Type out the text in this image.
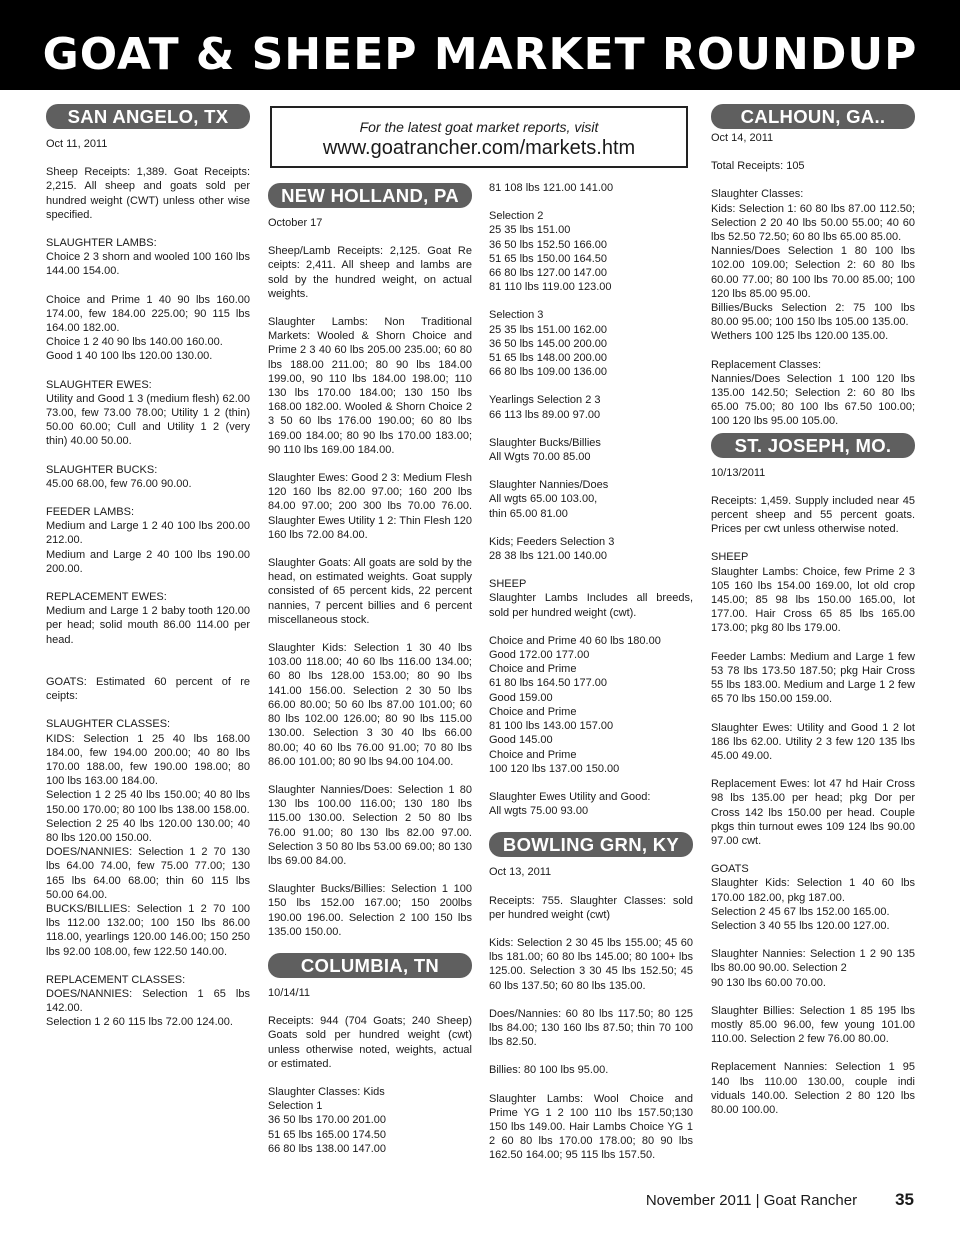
GOAT & SHEEP MARKET ROUNDUP
For the latest goat market reports, visit
www.goatrancher.com/markets.htm
SAN ANGELO, TX

Oct 11, 2011

Sheep Receipts: 1,389. Goat Receipts: 2,215. All sheep and goats sold per hundred weight (CWT) unless other wise specified.

SLAUGHTER LAMBS:
Choice 2 3 shorn and wooled 100 160 lbs 144.00 154.00.

Choice and Prime 1 40 90 lbs 160.00 174.00, few 184.00 225.00; 90 115 lbs 164.00 182.00.
Choice 1 2 40 90 lbs 140.00 160.00.
Good 1 40 100 lbs 120.00 130.00.

SLAUGHTER EWES:
Utility and Good 1 3 (medium flesh) 62.00 73.00, few 73.00 78.00; Utility 1 2 (thin) 50.00 60.00; Cull and Utility 1 2 (very thin) 40.00 50.00.

SLAUGHTER BUCKS:
45.00 68.00, few 76.00 90.00.

FEEDER LAMBS:
Medium and Large 1 2 40 100 lbs 200.00 212.00.
Medium and Large 2 40 100 lbs 190.00 200.00.

REPLACEMENT EWES:
Medium and Large 1 2 baby tooth 120.00 per head; solid mouth 86.00 114.00 per head.

GOATS: Estimated 60 percent of re ceipts:

SLAUGHTER CLASSES:
KIDS: Selection 1 25 40 lbs 168.00 184.00, few 194.00 200.00; 40 80 lbs 170.00 188.00, few 190.00 198.00; 80 100 lbs 163.00 184.00.
Selection 1 2 25 40 lbs 150.00; 40 80 lbs 150.00 170.00; 80 100 lbs 138.00 158.00.
Selection 2 25 40 lbs 120.00 130.00; 40 80 lbs 120.00 150.00.
DOES/NANNIES: Selection 1 2 70 130 lbs 64.00 74.00, few 75.00 77.00; 130 165 lbs 64.00 68.00; thin 60 115 lbs 50.00 64.00.
BUCKS/BILLIES: Selection 1 2 70 100 lbs 112.00 132.00; 100 150 lbs 86.00 118.00, yearlings 120.00 146.00; 150 250 lbs 92.00 108.00, few 122.50 140.00.

REPLACEMENT CLASSES:
DOES/NANNIES: Selection 1 65 lbs 142.00.
Selection 1 2 60 115 lbs 72.00 124.00.

NEW HOLLAND, PA

October 17

Sheep/Lamb Receipts: 2,125. Goat Re ceipts: 2,411. All sheep and lambs are sold by the hundred weight, on actual weights.

Slaughter Lambs: Non Traditional Markets: Wooled & Shorn Choice and Prime 2 3 40 60 lbs 205.00 235.00; 60 80 lbs 188.00 211.00; 80 90 lbs 184.00 199.00, 90 110 lbs 184.00 198.00; 110 130 lbs 170.00 184.00; 130 150 lbs 168.00 182.00. Wooled & Shorn Choice 2 3 50 60 lbs 176.00 190.00; 60 80 lbs 169.00 184.00; 80 90 lbs 170.00 183.00; 90 110 lbs 169.00 184.00.

Slaughter Ewes: Good 2 3: Medium Flesh 120 160 lbs 82.00 97.00; 160 200 lbs 84.00 97.00; 200 300 lbs 70.00 76.00. Slaughter Ewes Utility 1 2: Thin Flesh 120 160 lbs 72.00 84.00.

Slaughter Goats: All goats are sold by the head, on estimated weights. Goat supply consisted of 65 percent kids, 22 percent nannies, 7 percent billies and 6 percent miscellaneous stock.

Slaughter Kids: Selection 1 30 40 lbs 103.00 118.00; 40 60 lbs 116.00 134.00; 60 80 lbs 128.00 153.00; 80 90 lbs 141.00 156.00. Selection 2 30 50 lbs 66.00 80.00; 50 60 lbs 87.00 101.00; 60 80 lbs 102.00 126.00; 80 90 lbs 115.00 130.00. Selection 3 30 40 lbs 66.00 80.00; 40 60 lbs 76.00 91.00; 70 80 lbs 86.00 101.00; 80 90 lbs 94.00 104.00.

Slaughter Nannies/Does: Selection 1 80 130 lbs 100.00 116.00; 130 180 lbs 115.00 130.00. Selection 2 50 80 lbs 76.00 91.00; 80 130 lbs 82.00 97.00. Selection 3 50 80 lbs 53.00 69.00; 80 130 lbs 69.00 84.00.

Slaughter Bucks/Billies: Selection 1 100 150 lbs 152.00 167.00; 150 200lbs 190.00 196.00. Selection 2 100 150 lbs 135.00 150.00.

COLUMBIA, TN

10/14/11

Receipts: 944 (704 Goats; 240 Sheep) Goats sold per hundred weight (cwt) unless otherwise noted, weights, actual or estimated.

Slaughter Classes: Kids
Selection 1
36 50 lbs 170.00 201.00
51 65 lbs 165.00 174.50
66 80 lbs 138.00 147.00

81 108 lbs 121.00 141.00

Selection 2
25 35 lbs 151.00
36 50 lbs 152.50 166.00
51 65 lbs 150.00 164.50
66 80 lbs 127.00 147.00
81 110 lbs 119.00 123.00

Selection 3
25 35 lbs 151.00 162.00
36 50 lbs 145.00 200.00
51 65 lbs 148.00 200.00
66 80 lbs 109.00 136.00

Yearlings Selection 2 3
66 113 lbs 89.00 97.00

Slaughter Bucks/Billies
All Wgts 70.00 85.00

Slaughter Nannies/Does
All wgts 65.00 103.00,
thin 65.00 81.00

Kids; Feeders Selection 3
28 38 lbs 121.00 140.00

SHEEP
Slaughter Lambs Includes all breeds, sold per hundred weight (cwt).

Choice and Prime 40 60 lbs 180.00
Good 172.00 177.00
Choice and Prime
61 80 lbs 164.50 177.00
Good 159.00
Choice and Prime
81 100 lbs 143.00 157.00
Good 145.00
Choice and Prime
100 120 lbs 137.00 150.00

Slaughter Ewes Utility and Good:
All wgts 75.00 93.00

BOWLING GRN, KY

Oct 13, 2011

Receipts: 755. Slaughter Classes: sold per hundred weight (cwt)

Kids: Selection 2 30 45 lbs 155.00; 45 60 lbs 181.00; 60 80 lbs 145.00; 80 100+ lbs 125.00. Selection 3 30 45 lbs 152.50; 45 60 lbs 137.50; 60 80 lbs 135.00.

Does/Nannies: 60 80 lbs 117.50; 80 125 lbs 84.00; 130 160 lbs 87.50; thin 70 100 lbs 82.50.

Billies: 80 100 lbs 95.00.

Slaughter Lambs: Wool Choice and Prime YG 1 2 100 110 lbs 157.50;130 150 lbs 149.00. Hair Lambs Choice YG 1 2 60 80 lbs 170.00 178.00; 80 90 lbs 162.50 164.00; 95 115 lbs 157.50.

CALHOUN, GA..

Oct 14, 2011

Total Receipts: 105

Slaughter Classes:
Kids: Selection 1: 60 80 lbs 87.00 112.50; Selection 2 20 40 lbs 50.00 55.00; 40 60 lbs 52.50 72.50; 60 80 lbs 65.00 85.00.
Nannies/Does Selection 1 80 100 lbs 102.00 109.00; Selection 2: 60 80 lbs 60.00 77.00; 80 100 lbs 70.00 85.00; 100 120 lbs 85.00 95.00.
Billies/Bucks Selection 2: 75 100 lbs 80.00 95.00; 100 150 lbs 105.00 135.00.
Wethers 100 125 lbs 120.00 135.00.

Replacement Classes:
Nannies/Does Selection 1 100 120 lbs 135.00 142.50; Selection 2: 60 80 lbs 65.00 75.00; 80 100 lbs 67.50 100.00; 100 120 lbs 95.00 105.00.

ST. JOSEPH, MO.

10/13/2011

Receipts: 1,459. Supply included near 45 percent sheep and 55 percent goats. Prices per cwt unless otherwise noted.

SHEEP
Slaughter Lambs: Choice, few Prime 2 3 105 160 lbs 154.00 169.00, lot old crop 145.00; 85 98 lbs 150.00 165.00, lot 177.00. Hair Cross 65 85 lbs 165.00 173.00; pkg 80 lbs 179.00.

Feeder Lambs: Medium and Large 1 few 53 78 lbs 173.50 187.50; pkg Hair Cross 55 lbs 183.00. Medium and Large 1 2 few 65 70 lbs 150.00 159.00.

Slaughter Ewes: Utility and Good 1 2 lot 186 lbs 62.00. Utility 2 3 few 120 135 lbs 45.00 49.00.

Replacement Ewes: lot 47 hd Hair Cross 98 lbs 135.00 per head; pkg Dor per Cross 142 lbs 150.00 per head. Couple pkgs thin turnout ewes 109 124 lbs 90.00 97.00 cwt.

GOATS
Slaughter Kids: Selection 1 40 60 lbs 170.00 182.00, pkg 187.00.
Selection 2 45 67 lbs 152.00 165.00.
Selection 3 40 55 lbs 120.00 127.00.

Slaughter Nannies: Selection 1 2 90 135 lbs 80.00 90.00. Selection 2
90 130 lbs 60.00 70.00.

Slaughter Billies: Selection 1 85 195 lbs mostly 85.00 96.00, few young 101.00 110.00. Selection 2 few 76.00 80.00.

Replacement Nannies: Selection 1 95 140 lbs 110.00 130.00, couple indi viduals 140.00. Selection 2 80 120 lbs 80.00 100.00.

November 2011 | Goat Rancher 35
